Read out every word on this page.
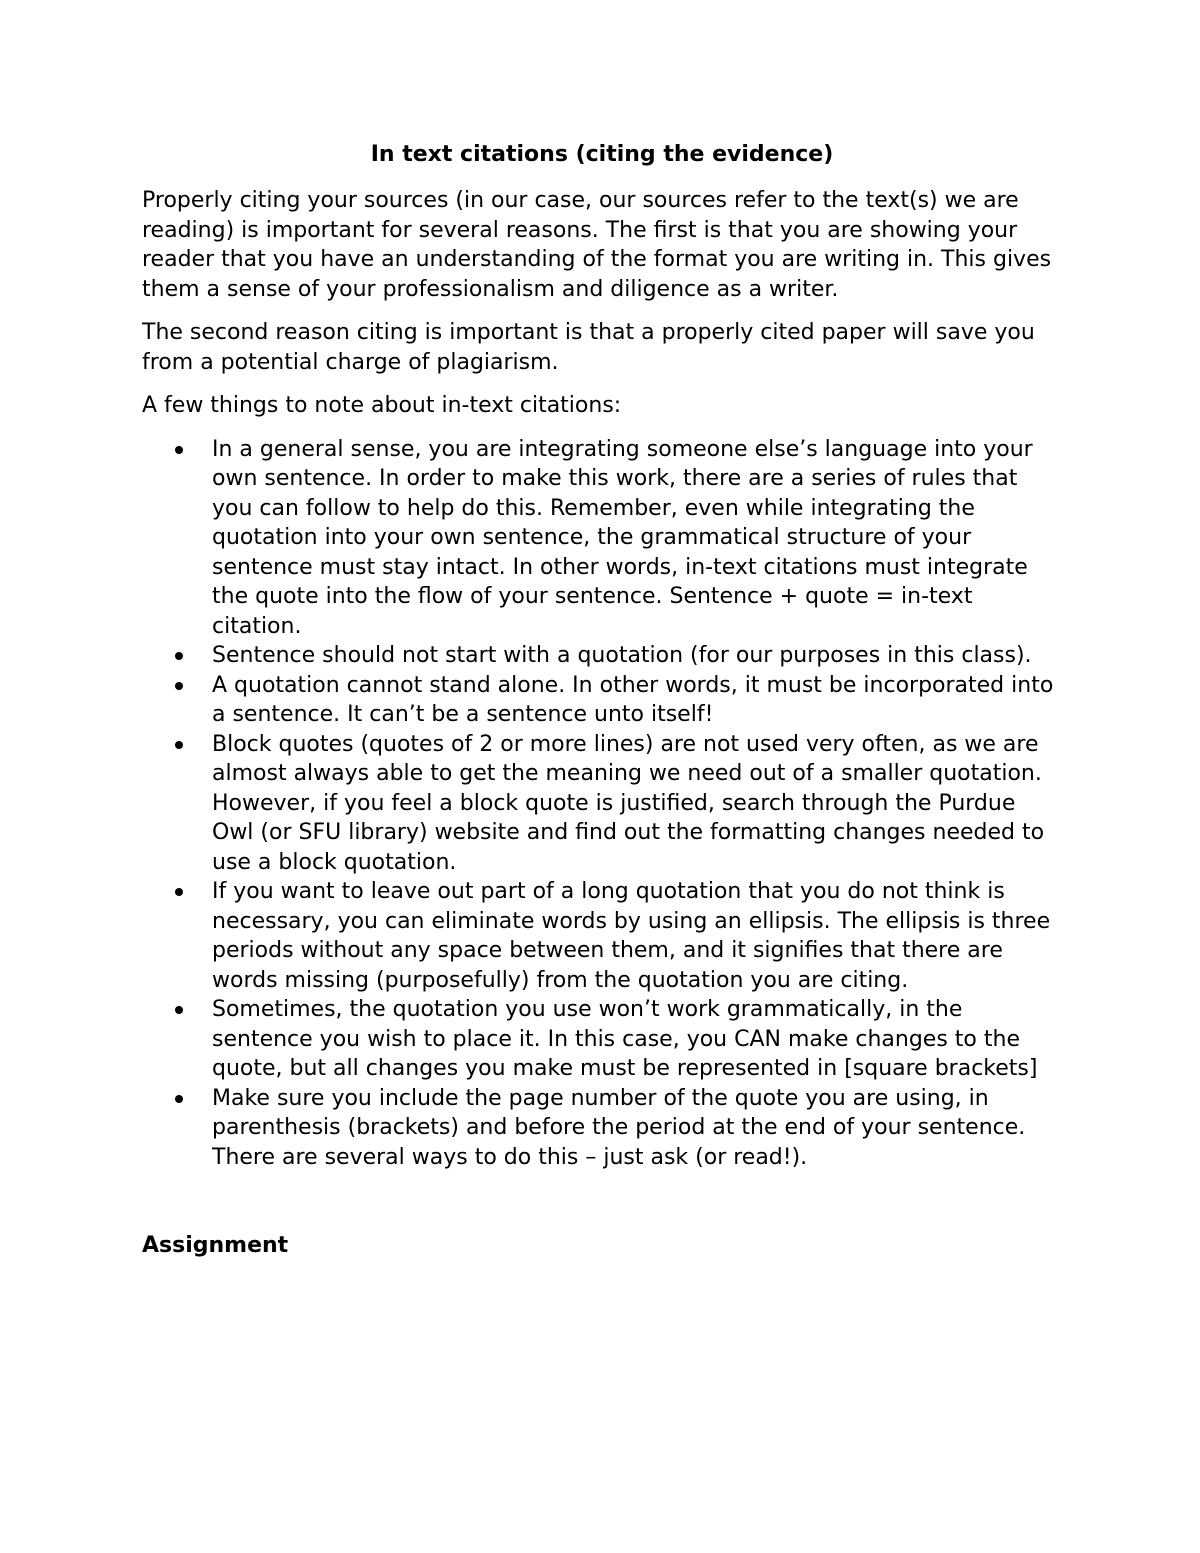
In text citations (citing the evidence)

Properly citing your sources (in our case, our sources refer to the text(s) we are reading) is important for several reasons. The first is that you are showing your reader that you have an understanding of the format you are writing in. This gives them a sense of your professionalism and diligence as a writer.

The second reason citing is important is that a properly cited paper will save you from a potential charge of plagiarism.

A few things to note about in-text citations:

In a general sense, you are integrating someone else’s language into your own sentence. In order to make this work, there are a series of rules that you can follow to help do this. Remember, even while integrating the quotation into your own sentence, the grammatical structure of your sentence must stay intact. In other words, in-text citations must integrate the quote into the flow of your sentence. Sentence + quote = in-text citation.
Sentence should not start with a quotation (for our purposes in this class).
A quotation cannot stand alone. In other words, it must be incorporated into a sentence. It can’t be a sentence unto itself!
Block quotes (quotes of 2 or more lines) are not used very often, as we are almost always able to get the meaning we need out of a smaller quotation. However, if you feel a block quote is justified, search through the Purdue Owl (or SFU library) website and find out the formatting changes needed to use a block quotation.
If you want to leave out part of a long quotation that you do not think is necessary, you can eliminate words by using an ellipsis. The ellipsis is three periods without any space between them, and it signifies that there are words missing (purposefully) from the quotation you are citing.
Sometimes, the quotation you use won’t work grammatically, in the sentence you wish to place it. In this case, you CAN make changes to the quote, but all changes you make must be represented in [square brackets]
Make sure you include the page number of the quote you are using, in parenthesis (brackets) and before the period at the end of your sentence. There are several ways to do this – just ask (or read!).
Assignment
